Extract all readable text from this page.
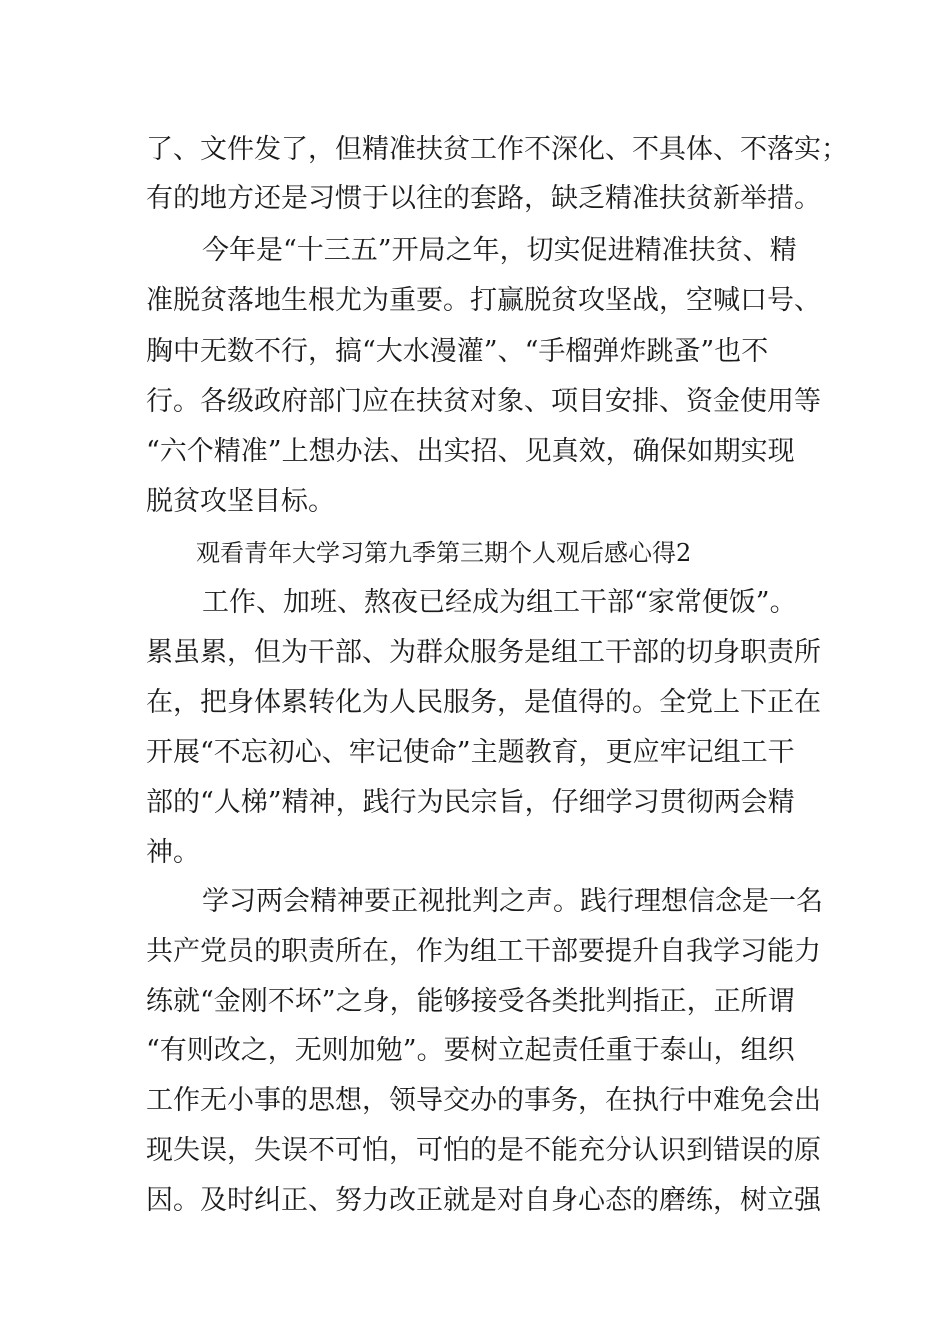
了、文件发了，但精准扶贫工作不深化、不具体、不落实；
有的地方还是习惯于以往的套路，缺乏精准扶贫新举措。
今年是“十三五”开局之年，切实促进精准扶贫、精
准脱贫落地生根尤为重要。打赢脱贫攻坚战，空喊口号、
胸中无数不行，搞“大水漫灌”、“手榴弹炸跳蚤”也不
行。各级政府部门应在扶贫对象、项目安排、资金使用等
“六个精准”上想办法、出实招、见真效，确保如期实现
脱贫攻坚目标。
观看青年大学习第九季第三期个人观后感心得2
工作、加班、熬夜已经成为组工干部“家常便饭”。
累虽累，但为干部、为群众服务是组工干部的切身职责所
在，把身体累转化为人民服务，是值得的。全党上下正在
开展“不忘初心、牢记使命”主题教育，更应牢记组工干
部的“人梯”精神，践行为民宗旨，仔细学习贯彻两会精
神。
学习两会精神要正视批判之声。践行理想信念是一名
共产党员的职责所在，作为组工干部要提升自我学习能力
练就“金刚不坏”之身，能够接受各类批判指正，正所谓
“有则改之，无则加勉”。要树立起责任重于泰山，组织
工作无小事的思想，领导交办的事务，在执行中难免会出
现失误，失误不可怕，可怕的是不能充分认识到错误的原
因。及时纠正、努力改正就是对自身心态的磨练，树立强
